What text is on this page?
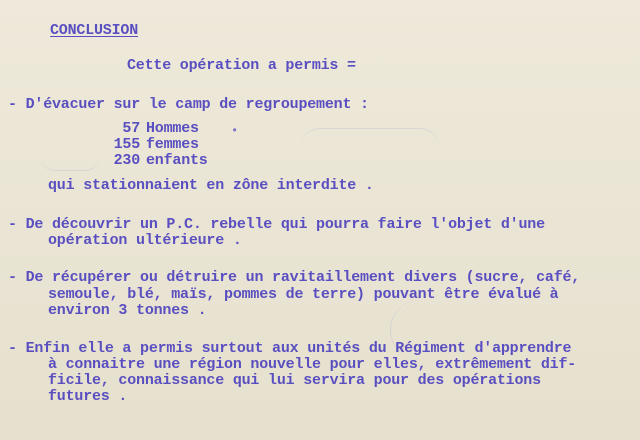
CONCLUSION
Cette opération a permis =
- D'évacuer sur le camp de regroupement :
57 Hommes
155 femmes
230 enfants
•
qui stationnaient en zône interdite .
- De découvrir un P.C. rebelle qui pourra faire l'objet d'une
opération ultérieure .
- De récupérer ou détruire un ravitaillement divers (sucre, café,
semoule, blé, maïs, pommes de terre) pouvant être évalué à
environ 3 tonnes .
- Enfin elle a permis surtout aux unités du Régiment d'apprendre
à connaitre une région nouvelle pour elles, extrêmement dif-
ficile, connaissance qui lui servira pour des opérations
futures .
